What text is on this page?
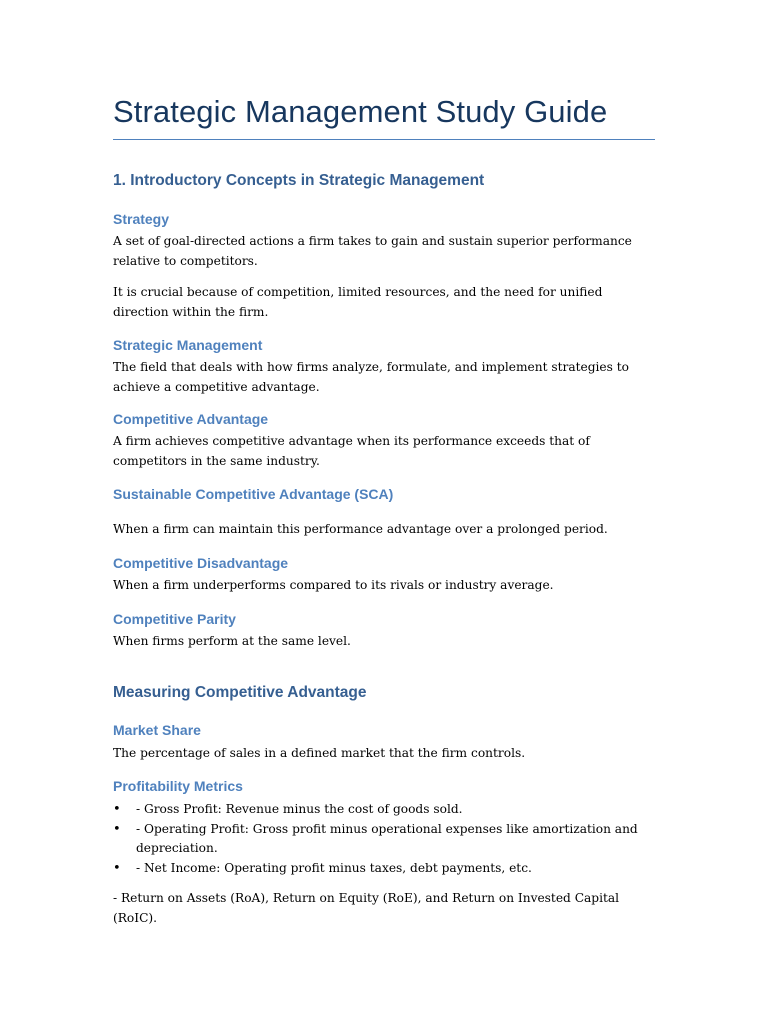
Strategic Management Study Guide
1. Introductory Concepts in Strategic Management
Strategy
A set of goal-directed actions a firm takes to gain and sustain superior performance relative to competitors.
It is crucial because of competition, limited resources, and the need for unified direction within the firm.
Strategic Management
The field that deals with how firms analyze, formulate, and implement strategies to achieve a competitive advantage.
Competitive Advantage
A firm achieves competitive advantage when its performance exceeds that of competitors in the same industry.
Sustainable Competitive Advantage (SCA)
When a firm can maintain this performance advantage over a prolonged period.
Competitive Disadvantage
When a firm underperforms compared to its rivals or industry average.
Competitive Parity
When firms perform at the same level.
Measuring Competitive Advantage
Market Share
The percentage of sales in a defined market that the firm controls.
Profitability Metrics
• - Gross Profit: Revenue minus the cost of goods sold.
• - Operating Profit: Gross profit minus operational expenses like amortization and depreciation.
• - Net Income: Operating profit minus taxes, debt payments, etc.
- Return on Assets (RoA), Return on Equity (RoE), and Return on Invested Capital (RoIC).
